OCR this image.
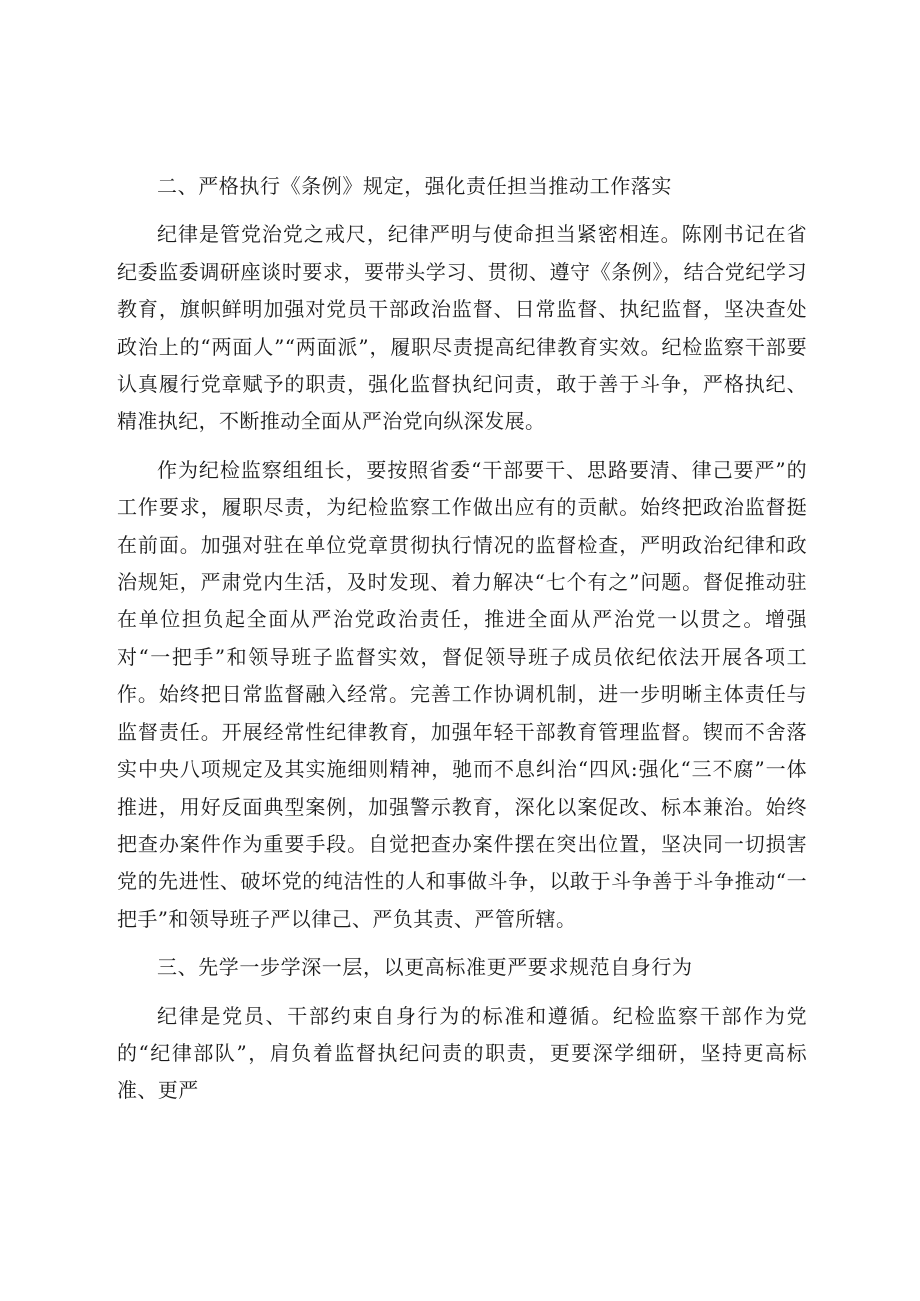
二、严格执行《条例》规定，强化责任担当推动工作落实

纪律是管党治党之戒尺，纪律严明与使命担当紧密相连。陈刚书记在省纪委监委调研座谈时要求，要带头学习、贯彻、遵守《条例》，结合党纪学习教育，旗帜鲜明加强对党员干部政治监督、日常监督、执纪监督，坚决查处政治上的“两面人”“两面派”，履职尽责提高纪律教育实效。纪检监察干部要认真履行党章赋予的职责，强化监督执纪问责，敢于善于斗争，严格执纪、精准执纪，不断推动全面从严治党向纵深发展。

作为纪检监察组组长，要按照省委“干部要干、思路要清、律己要严”的工作要求，履职尽责，为纪检监察工作做出应有的贡献。始终把政治监督挺在前面。加强对驻在单位党章贯彻执行情况的监督检查，严明政治纪律和政治规矩，严肃党内生活，及时发现、着力解决“七个有之”问题。督促推动驻在单位担负起全面从严治党政治责任，推进全面从严治党一以贯之。增强对“一把手”和领导班子监督实效，督促领导班子成员依纪依法开展各项工作。始终把日常监督融入经常。完善工作协调机制，进一步明晰主体责任与监督责任。开展经常性纪律教育，加强年轻干部教育管理监督。锲而不舍落实中央八项规定及其实施细则精神，驰而不息纠治“四风:强化“三不腐”一体推进，用好反面典型案例，加强警示教育，深化以案促改、标本兼治。始终把查办案件作为重要手段。自觉把查办案件摆在突出位置，坚决同一切损害党的先进性、破坏党的纯洁性的人和事做斗争，以敢于斗争善于斗争推动“一把手”和领导班子严以律己、严负其责、严管所辖。

三、先学一步学深一层，以更高标准更严要求规范自身行为

纪律是党员、干部约束自身行为的标准和遵循。纪检监察干部作为党的“纪律部队”，肩负着监督执纪问责的职责，更要深学细研，坚持更高标准、更严
